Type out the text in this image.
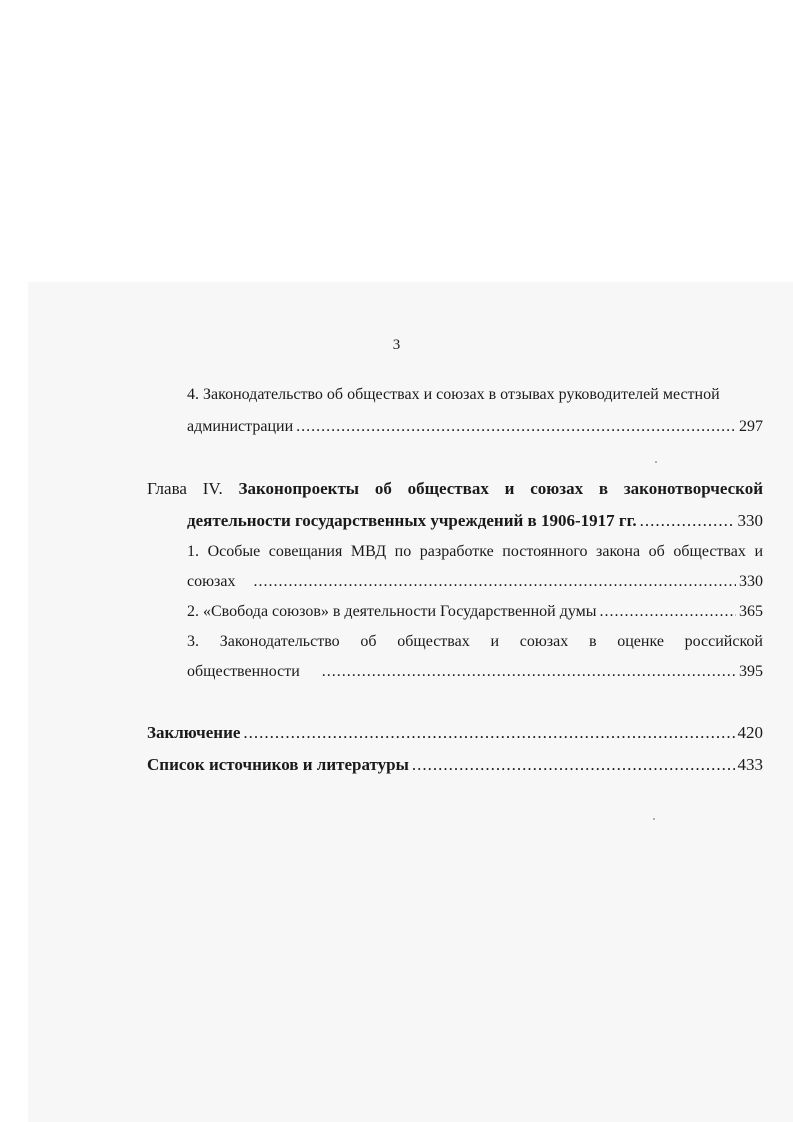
3
4. Законодательство об обществах и союзах в отзывах руководителей местной
администрации .....	297
Глава IV. Законопроекты об обществах и союзах в законотворческой
деятельности государственных учреждений в 1906-1917 гг. .....	330
1. Особые совещания МВД по разработке постоянного закона об обществах и
союзах .....	330
2. «Свобода союзов» в деятельности Государственной думы .....	365
3. Законодательство об обществах и союзах в оценке российской
общественности .....	395
Заключение .....	420
Список источников и литературы .....	433
